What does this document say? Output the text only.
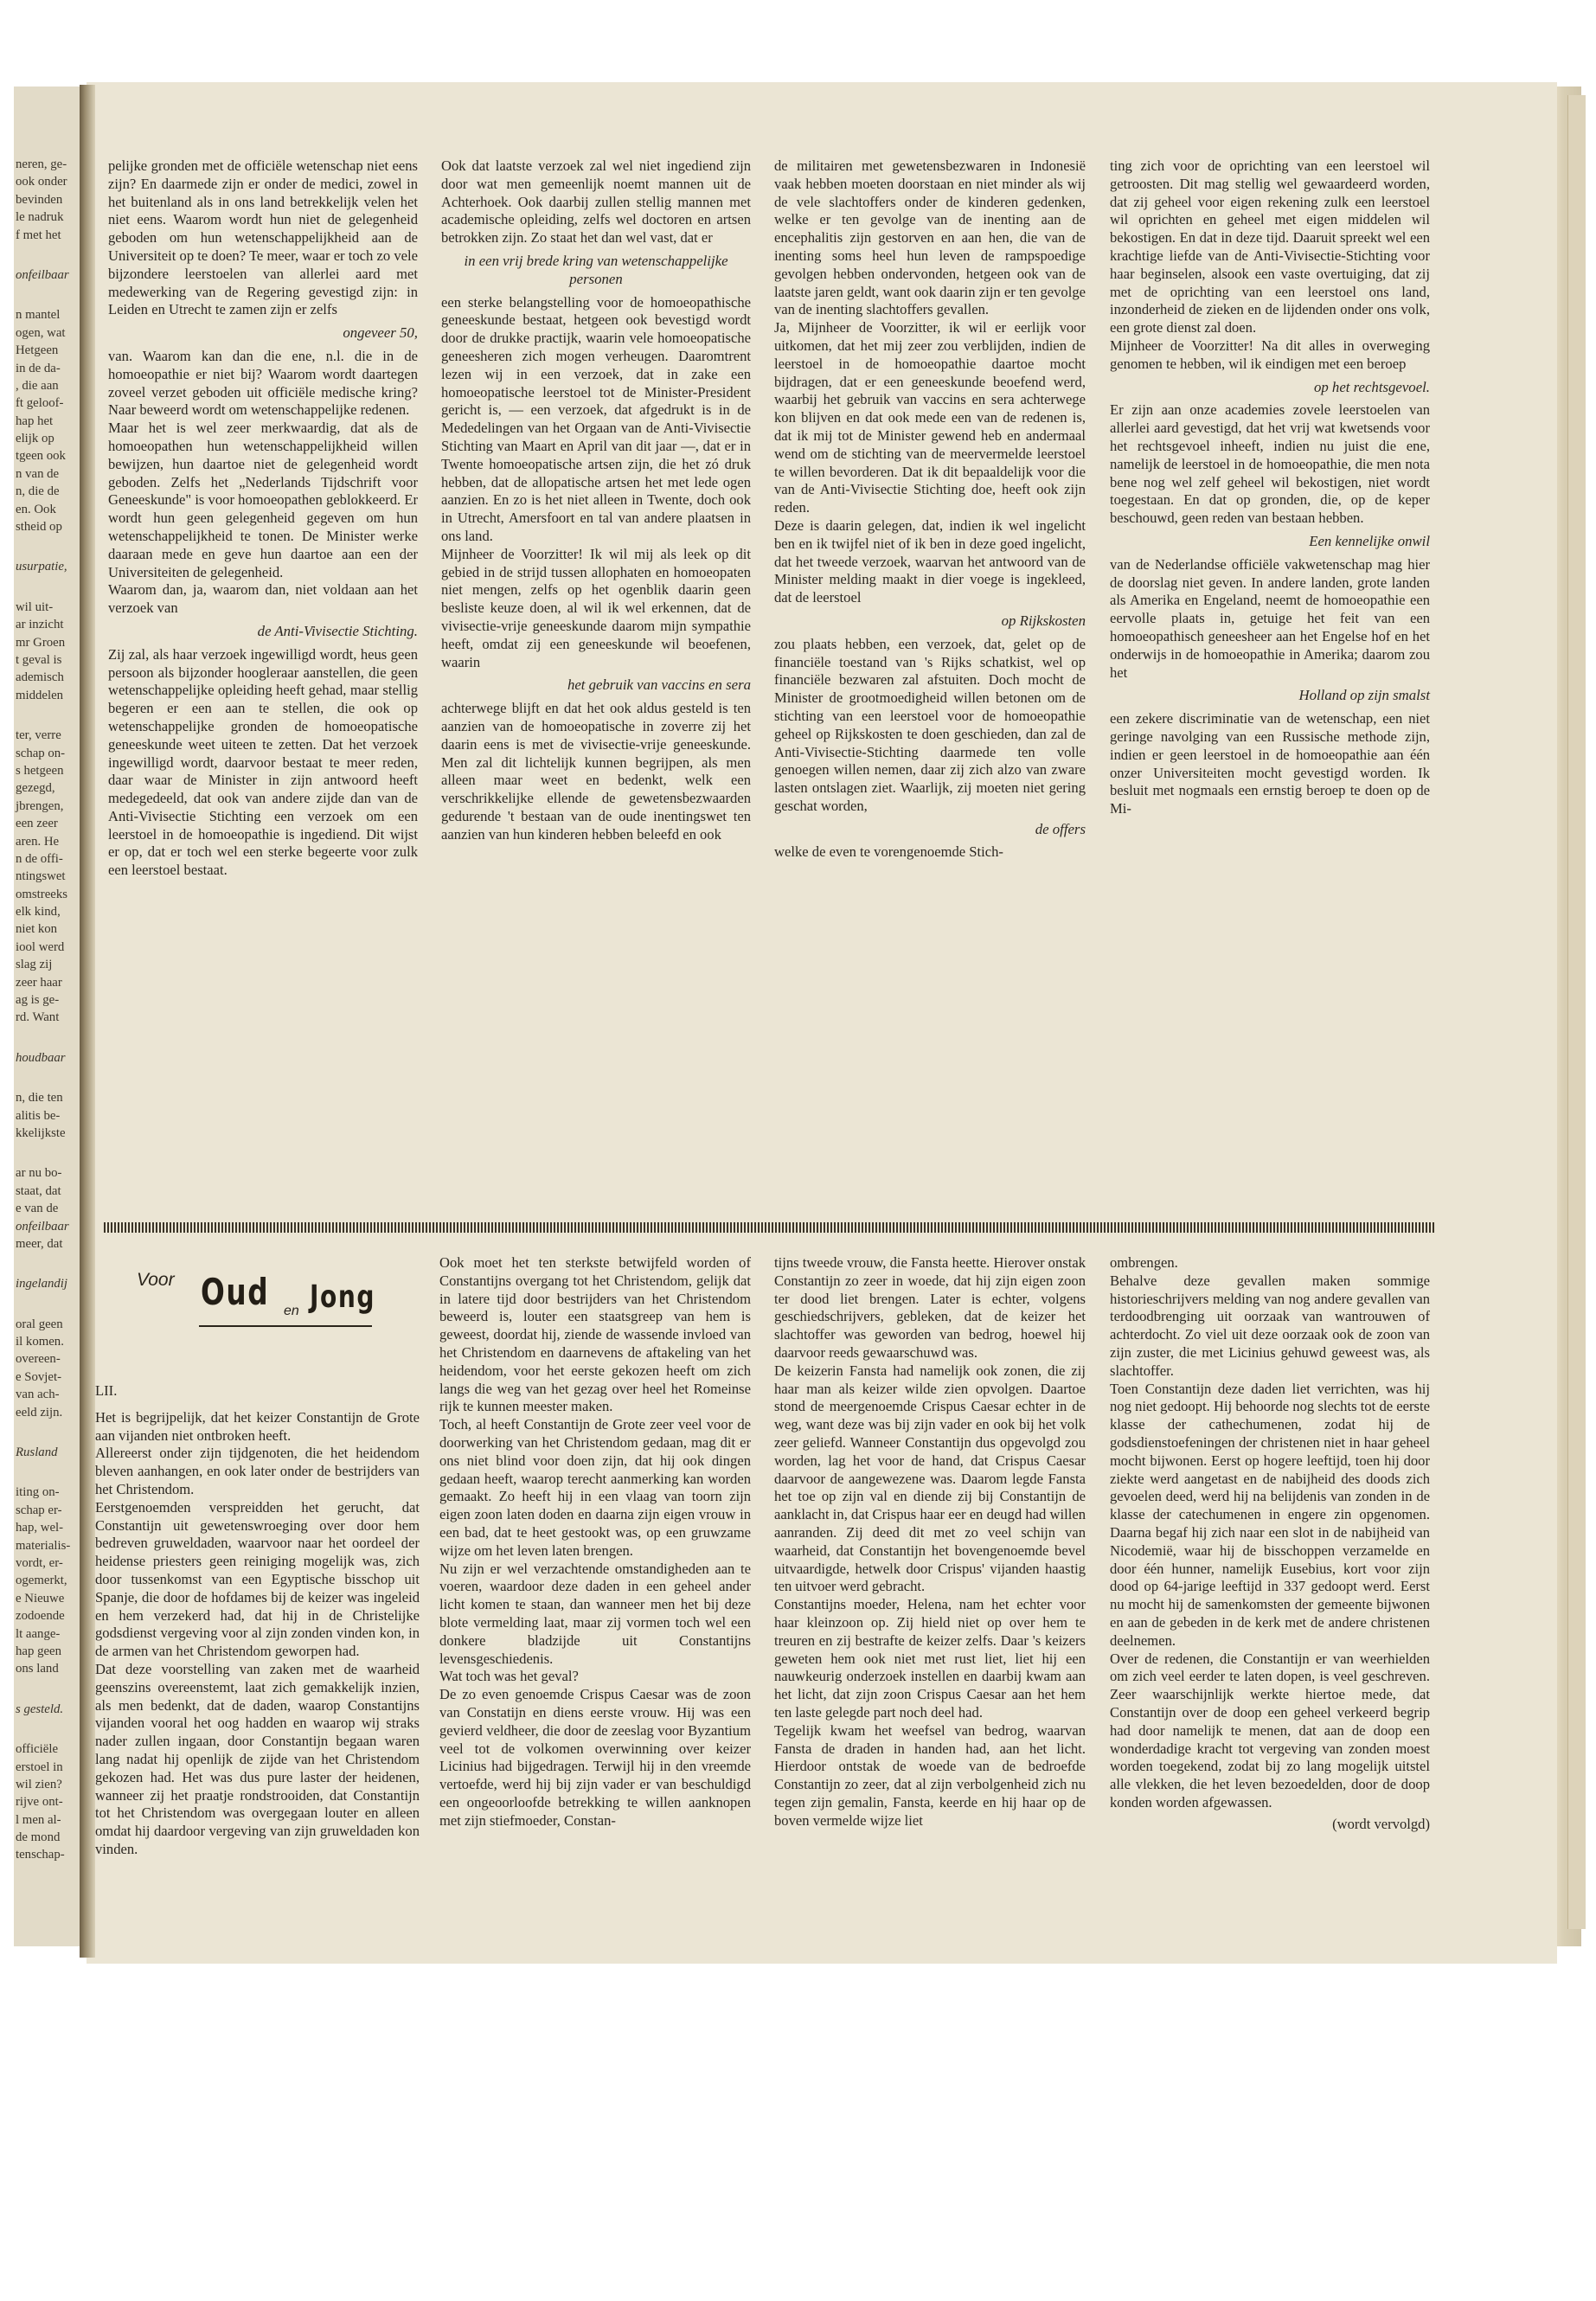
neren, ge-
ook onder
bevinden
le nadruk
f met het
onfeilbaar
n mantel
ogen, wat
Hetgeen
in de da-
, die aan
ft geloof-
hap het
elijk op
tgeen ook
n van de
n, die de
en. Ook
stheid op
usurpatie,
wil uit-
ar inzicht
mr Groen
t geval is
ademisch
middelen
ter, verre
schap on-
s hetgeen
gezegd,
jbrengen,
een zeer
aren. He
n de offi-
ntingswet
omstreeks
elk kind,
niet kon
iool werd
slag zij
zeer haar
ag is ge-
rd. Want
houdbaar
n, die ten
alitis be-
kkelijkste
ar nu bo-
staat, dat
e van de
onfeilbaar
meer, dat
ingelandij
oral geen
il komen.
overeen-
e Sovjet-
van ach-
eeld zijn.
Rusland
iting on-
schap er-
hap, wel-
materialis-
vordt, er-
ogemerkt,
e Nieuwe
zodoende
lt aange-
hap geen
ons land
s gesteld.
officiële
erstoel in
wil zien?
rijve ont-
l men al-
de mond
tenschap-

pelijke gronden met de officiële wetenschap niet eens zijn? En daarmede zijn er onder de medici, zowel in het buitenland als in ons land betrekkelijk velen het niet eens. Waarom wordt hun niet de gelegenheid geboden om hun wetenschappelijkheid aan de Universiteit op te doen? Te meer, waar er toch zo vele bijzondere leerstoelen van allerlei aard met medewerking van de Regering gevestigd zijn: in Leiden en Utrecht te zamen zijn er zelfs

ongeveer 50,

van. Waarom kan dan die ene, n.l. die in de homoeopathie er niet bij? Waarom wordt daartegen zoveel verzet geboden uit officiële medische kring? Naar beweerd wordt om wetenschappelijke redenen.

Maar het is wel zeer merkwaardig, dat als de homoeopathen hun wetenschappelijkheid willen bewijzen, hun daartoe niet de gelegenheid wordt geboden. Zelfs het „Nederlands Tijdschrift voor Geneeskunde" is voor homoeopathen geblokkeerd. Er wordt hun geen gelegenheid gegeven om hun wetenschappelijkheid te tonen. De Minister werke daaraan mede en geve hun daartoe aan een der Universiteiten de gelegenheid.

Waarom dan, ja, waarom dan, niet voldaan aan het verzoek van

de Anti-Vivisectie Stichting.

Zij zal, als haar verzoek ingewilligd wordt, heus geen persoon als bijzonder hoogleraar aanstellen, die geen wetenschappelijke opleiding heeft gehad, maar stellig begeren er een aan te stellen, die ook op wetenschappelijke gronden de homoeopatische geneeskunde weet uiteen te zetten. Dat het verzoek ingewilligd wordt, daarvoor bestaat te meer reden, daar waar de Minister in zijn antwoord heeft medegedeeld, dat ook van andere zijde dan van de Anti-Vivisectie Stichting een verzoek om een leerstoel in de homoeopathie is ingediend. Dit wijst er op, dat er toch wel een sterke begeerte voor zulk een leerstoel bestaat.

Ook dat laatste verzoek zal wel niet ingediend zijn door wat men gemeenlijk noemt mannen uit de Achterhoek. Ook daarbij zullen stellig mannen met academische opleiding, zelfs wel doctoren en artsen betrokken zijn. Zo staat het dan wel vast, dat er

in een vrij brede kring van wetenschappelijke personen

een sterke belangstelling voor de homoeopathische geneeskunde bestaat, hetgeen ook bevestigd wordt door de drukke practijk, waarin vele homoeopatische geneesheren zich mogen verheugen. Daaromtrent lezen wij in een verzoek, dat in zake een homoeopatische leerstoel tot de Minister-President gericht is, — een verzoek, dat afgedrukt is in de Mededelingen van het Orgaan van de Anti-Vivisectie Stichting van Maart en April van dit jaar —, dat er in Twente homoeopatische artsen zijn, die het zó druk hebben, dat de allopatische artsen het met lede ogen aanzien. En zo is het niet alleen in Twente, doch ook in Utrecht, Amersfoort en tal van andere plaatsen in ons land.

Mijnheer de Voorzitter! Ik wil mij als leek op dit gebied in de strijd tussen allophaten en homoeopaten niet mengen, zelfs op het ogenblik daarin geen besliste keuze doen, al wil ik wel erkennen, dat de vivisectie-vrije geneeskunde daarom mijn sympathie heeft, omdat zij een geneeskunde wil beoefenen, waarin

het gebruik van vaccins en sera

achterwege blijft en dat het ook aldus gesteld is ten aanzien van de homoeopatische in zoverre zij het daarin eens is met de vivisectie-vrije geneeskunde. Men zal dit lichtelijk kunnen begrijpen, als men alleen maar weet en bedenkt, welk een verschrikkelijke ellende de gewetensbezwaarden gedurende 't bestaan van de oude inentingswet ten aanzien van hun kinderen hebben beleefd en ook

de militairen met gewetensbezwaren in Indonesië vaak hebben moeten doorstaan en niet minder als wij de vele slachtoffers onder de kinderen gedenken, welke er ten gevolge van de inenting aan de encephalitis zijn gestorven en aan hen, die van de inenting soms heel hun leven de rampspoedige gevolgen hebben ondervonden, hetgeen ook van de laatste jaren geldt, want ook daarin zijn er ten gevolge van de inenting slachtoffers gevallen.

Ja, Mijnheer de Voorzitter, ik wil er eerlijk voor uitkomen, dat het mij zeer zou verblijden, indien de leerstoel in de homoeopathie daartoe mocht bijdragen, dat er een geneeskunde beoefend werd, waarbij het gebruik van vaccins en sera achterwege kon blijven en dat ook mede een van de redenen is, dat ik mij tot de Minister gewend heb en andermaal wend om de stichting van de meervermelde leerstoel te willen bevorderen. Dat ik dit bepaaldelijk voor die van de Anti-Vivisectie Stichting doe, heeft ook zijn reden.

Deze is daarin gelegen, dat, indien ik wel ingelicht ben en ik twijfel niet of ik ben in deze goed ingelicht, dat het tweede verzoek, waarvan het antwoord van de Minister melding maakt in dier voege is ingekleed, dat de leerstoel

op Rijkskosten

zou plaats hebben, een verzoek, dat, gelet op de financiële toestand van 's Rijks schatkist, wel op financiële bezwaren zal afstuiten. Doch mocht de Minister de grootmoedigheid willen betonen om de stichting van een leerstoel voor de homoeopathie geheel op Rijkskosten te doen geschieden, dan zal de Anti-Vivisectie-Stichting daarmede ten volle genoegen willen nemen, daar zij zich alzo van zware lasten ontslagen ziet. Waarlijk, zij moeten niet gering geschat worden,

de offers

welke de even te vorengenoemde Stich-

ting zich voor de oprichting van een leerstoel wil getroosten. Dit mag stellig wel gewaardeerd worden, dat zij geheel voor eigen rekening zulk een leerstoel wil oprichten en geheel met eigen middelen wil bekostigen. En dat in deze tijd. Daaruit spreekt wel een krachtige liefde van de Anti-Vivisectie-Stichting voor haar beginselen, alsook een vaste overtuiging, dat zij met de oprichting van een leerstoel ons land, inzonderheid de zieken en de lijdenden onder ons volk, een grote dienst zal doen.

Mijnheer de Voorzitter! Na dit alles in overweging genomen te hebben, wil ik eindigen met een beroep

op het rechtsgevoel.

Er zijn aan onze academies zovele leerstoelen van allerlei aard gevestigd, dat het vrij wat kwetsends voor het rechtsgevoel inheeft, indien nu juist die ene, namelijk de leerstoel in de homoeopathie, die men nota bene nog wel zelf geheel wil bekostigen, niet wordt toegestaan. En dat op gronden, die, op de keper beschouwd, geen reden van bestaan hebben.

Een kennelijke onwil

van de Nederlandse officiële vakwetenschap mag hier de doorslag niet geven. In andere landen, grote landen als Amerika en Engeland, neemt de homoeopathie een eervolle plaats in, getuige het feit van een homoeopathisch geneesheer aan het Engelse hof en het onderwijs in de homoeopathie in Amerika; daarom zou het

Holland op zijn smalst

een zekere discriminatie van de wetenschap, een niet geringe navolging van een Russische methode zijn, indien er geen leerstoel in de homoeopathie aan één onzer Universiteiten mocht gevestigd worden. Ik besluit met nogmaals een ernstig beroep te doen op de Mi-

Voor Oud en Jong
LII.

Het is begrijpelijk, dat het keizer Constantijn de Grote aan vijanden niet ontbroken heeft.

Allereerst onder zijn tijdgenoten, die het heidendom bleven aanhangen, en ook later onder de bestrijders van het Christendom.

Eerstgenoemden verspreidden het gerucht, dat Constantijn uit gewetenswroeging over door hem bedreven gruweldaden, waarvoor naar het oordeel der heidense priesters geen reiniging mogelijk was, zich door tussenkomst van een Egyptische bisschop uit Spanje, die door de hofdames bij de keizer was ingeleid en hem verzekerd had, dat hij in de Christelijke godsdienst vergeving voor al zijn zonden vinden kon, in de armen van het Christendom geworpen had.

Dat deze voorstelling van zaken met de waarheid geenszins overeenstemt, laat zich gemakkelijk inzien, als men bedenkt, dat de daden, waarop Constantijns vijanden vooral het oog hadden en waarop wij straks nader zullen ingaan, door Constantijn begaan waren lang nadat hij openlijk de zijde van het Christendom gekozen had. Het was dus pure laster der heidenen, wanneer zij het praatje rondstrooiden, dat Constantijn tot het Christendom was overgegaan louter en alleen omdat hij daardoor vergeving van zijn gruweldaden kon vinden.

Ook moet het ten sterkste betwijfeld worden of Constantijns overgang tot het Christendom, gelijk dat in latere tijd door bestrijders van het Christendom beweerd is, louter een staatsgreep van hem is geweest, doordat hij, ziende de wassende invloed van het Christendom en daarnevens de aftakeling van het heidendom, voor het eerste gekozen heeft om zich langs die weg van het gezag over heel het Romeinse rijk te kunnen meester maken.

Toch, al heeft Constantijn de Grote zeer veel voor de doorwerking van het Christendom gedaan, mag dit er ons niet blind voor doen zijn, dat hij ook dingen gedaan heeft, waarop terecht aanmerking kan worden gemaakt. Zo heeft hij in een vlaag van toorn zijn eigen zoon laten doden en daarna zijn eigen vrouw in een bad, dat te heet gestookt was, op een gruwzame wijze om het leven laten brengen.

Nu zijn er wel verzachtende omstandigheden aan te voeren, waardoor deze daden in een geheel ander licht komen te staan, dan wanneer men het bij deze blote vermelding laat, maar zij vormen toch wel een donkere bladzijde uit Constantijns levensgeschiedenis.

Wat toch was het geval?

De zo even genoemde Crispus Caesar was de zoon van Constatijn en diens eerste vrouw. Hij was een gevierd veldheer, die door de zeeslag voor Byzantium veel tot de volkomen overwinning over keizer Licinius had bijgedragen. Terwijl hij in den vreemde vertoefde, werd hij bij zijn vader er van beschuldigd een ongeoorloofde betrekking te willen aanknopen met zijn stiefmoeder, Constan-

tijns tweede vrouw, die Fansta heette. Hierover onstak Constantijn zo zeer in woede, dat hij zijn eigen zoon ter dood liet brengen. Later is echter, volgens geschiedschrijvers, gebleken, dat de keizer het slachtoffer was geworden van bedrog, hoewel hij daarvoor reeds gewaarschuwd was.

De keizerin Fansta had namelijk ook zonen, die zij haar man als keizer wilde zien opvolgen. Daartoe stond de meergenoemde Crispus Caesar echter in de weg, want deze was bij zijn vader en ook bij het volk zeer geliefd. Wanneer Constantijn dus opgevolgd zou worden, lag het voor de hand, dat Crispus Caesar daarvoor de aangewezene was. Daarom legde Fansta het toe op zijn val en diende zij bij Constantijn de aanklacht in, dat Crispus haar eer en deugd had willen aanranden. Zij deed dit met zo veel schijn van waarheid, dat Constantijn het bovengenoemde bevel uitvaardigde, hetwelk door Crispus' vijanden haastig ten uitvoer werd gebracht.

Constantijns moeder, Helena, nam het echter voor haar kleinzoon op. Zij hield niet op over hem te treuren en zij bestrafte de keizer zelfs. Daar 's keizers geweten hem ook niet met rust liet, liet hij een nauwkeurig onderzoek instellen en daarbij kwam aan het licht, dat zijn zoon Crispus Caesar aan het hem ten laste gelegde part noch deel had.

Tegelijk kwam het weefsel van bedrog, waarvan Fansta de draden in handen had, aan het licht. Hierdoor ontstak de woede van de bedroefde Constantijn zo zeer, dat al zijn verbolgenheid zich nu tegen zijn gemalin, Fansta, keerde en hij haar op de boven vermelde wijze liet

ombrengen.

Behalve deze gevallen maken sommige historieschrijvers melding van nog andere gevallen van terdoodbrenging uit oorzaak van wantrouwen of achterdocht. Zo viel uit deze oorzaak ook de zoon van zijn zuster, die met Licinius gehuwd geweest was, als slachtoffer.

Toen Constantijn deze daden liet verrichten, was hij nog niet gedoopt. Hij behoorde nog slechts tot de eerste klasse der cathechumenen, zodat hij de godsdienstoefeningen der christenen niet in haar geheel mocht bijwonen. Eerst op hogere leeftijd, toen hij door ziekte werd aangetast en de nabijheid des doods zich gevoelen deed, werd hij na belijdenis van zonden in de klasse der catechumenen in engere zin opgenomen. Daarna begaf hij zich naar een slot in de nabijheid van Nicodemië, waar hij de bisschoppen verzamelde en door één hunner, namelijk Eusebius, kort voor zijn dood op 64-jarige leeftijd in 337 gedoopt werd. Eerst nu mocht hij de samenkomsten der gemeente bijwonen en aan de gebeden in de kerk met de andere christenen deelnemen.

Over de redenen, die Constantijn er van weerhielden om zich veel eerder te laten dopen, is veel geschreven. Zeer waarschijnlijk werkte hiertoe mede, dat Constantijn over de doop een geheel verkeerd begrip had door namelijk te menen, dat aan de doop een wonderdadige kracht tot vergeving van zonden moest worden toegekend, zodat bij zo lang mogelijk uitstel alle vlekken, die het leven bezoedelden, door de doop konden worden afgewassen.

(wordt vervolgd)
